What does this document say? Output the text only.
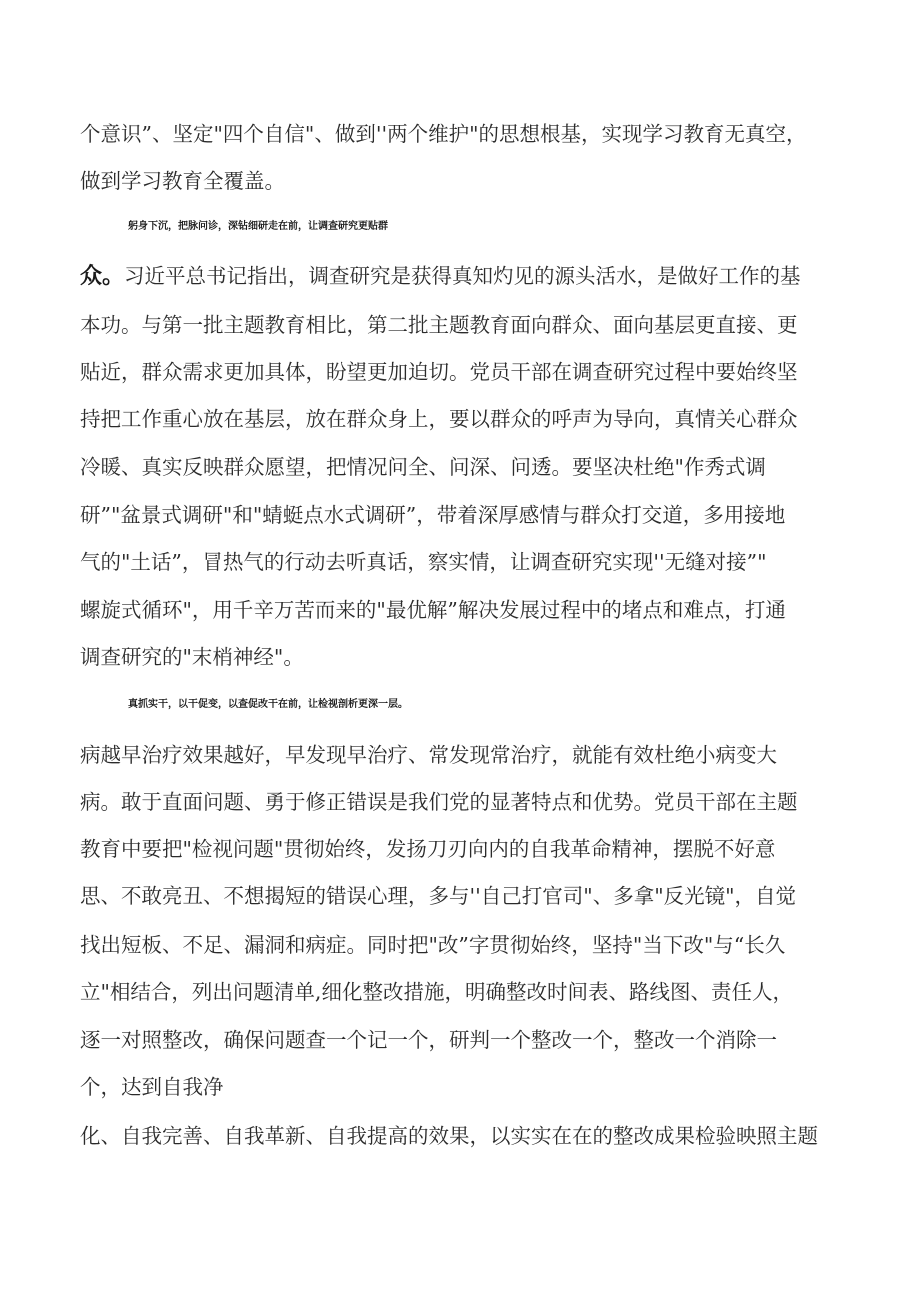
个意识”、坚定"四个自信"、做到''两个维护"的思想根基，实现学习教育无真空，
做到学习教育全覆盖。
躬身下沉，把脉问诊，深钻细研走在前，让调查研究更贴群
众。习近平总书记指出，调查研究是获得真知灼见的源头活水，是做好工作的基
本功。与第一批主题教育相比，第二批主题教育面向群众、面向基层更直接、更
贴近，群众需求更加具体，盼望更加迫切。党员干部在调查研究过程中要始终坚
持把工作重心放在基层，放在群众身上，要以群众的呼声为导向，真情关心群众
冷暖、真实反映群众愿望，把情况问全、问深、问透。要坚决杜绝"作秀式调
研”"盆景式调研"和"蜻蜓点水式调研”，带着深厚感情与群众打交道，多用接地
气的"土话”，冒热气的行动去听真话，察实情，让调查研究实现''无缝对接”"
螺旋式循环"，用千辛万苦而来的"最优解”解决发展过程中的堵点和难点，打通
调查研究的"末梢神经"。
真抓实干，以干促变，以查促改干在前，让检视剖析更深一层。
病越早治疗效果越好，早发现早治疗、常发现常治疗，就能有效杜绝小病变大
病。敢于直面问题、勇于修正错误是我们党的显著特点和优势。党员干部在主题
教育中要把"检视问题"贯彻始终，发扬刀刃向内的自我革命精神，摆脱不好意
思、不敢亮丑、不想揭短的错误心理，多与''自己打官司"、多拿"反光镜"，自觉
找出短板、不足、漏洞和病症。同时把"改”字贯彻始终，坚持"当下改"与“长久
立"相结合，列出问题清单,细化整改措施，明确整改时间表、路线图、责任人，
逐一对照整改，确保问题查一个记一个，研判一个整改一个，整改一个消除一
个，达到自我净
化、自我完善、自我革新、自我提高的效果，以实实在在的整改成果检验映照主题
